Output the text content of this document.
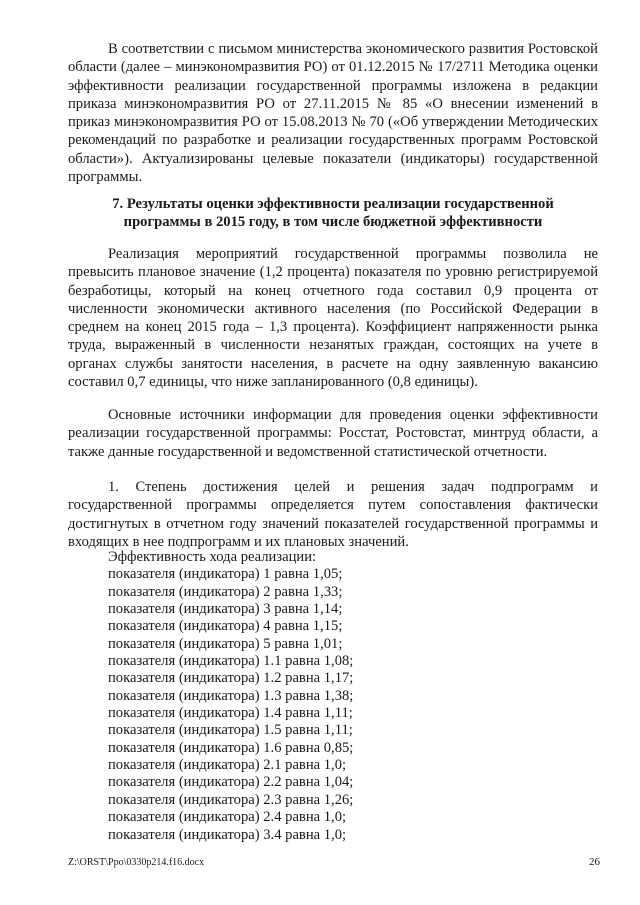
В соответствии с письмом министерства экономического развития Ростовской области (далее – минэкономразвития РО) от 01.12.2015 № 17/2711 Методика оценки эффективности реализации государственной программы изложена в редакции приказа минэкономразвития РО от 27.11.2015 № 85 «О внесении изменений в приказ минэкономразвития РО от 15.08.2013 № 70 («Об утверждении Методических рекомендаций по разработке и реализации государственных программ Ростовской области»). Актуализированы целевые показатели (индикаторы) государственной программы.

7. Результаты оценки эффективности реализации государственной
программы в 2015 году, в том числе бюджетной эффективности

Реализация мероприятий государственной программы позволила не превысить плановое значение (1,2 процента) показателя по уровню регистрируемой безработицы, который на конец отчетного года составил 0,9 процента от численности экономически активного населения (по Российской Федерации в среднем на конец 2015 года – 1,3 процента). Коэффициент напряженности рынка труда, выраженный в численности незанятых граждан, состоящих на учете в органах службы занятости населения, в расчете на одну заявленную вакансию составил 0,7 единицы, что ниже запланированного (0,8 единицы).

Основные источники информации для проведения оценки эффективности реализации государственной программы: Росстат, Ростовстат, минтруд области, а также данные государственной и ведомственной статистической отчетности.

1. Степень достижения целей и решения задач подпрограмм и государственной программы определяется путем сопоставления фактически достигнутых в отчетном году значений показателей государственной программы и входящих в нее подпрограмм и их плановых значений.

Эффективность хода реализации:
показателя (индикатора) 1 равна 1,05;
показателя (индикатора) 2 равна 1,33;
показателя (индикатора) 3 равна 1,14;
показателя (индикатора) 4 равна 1,15;
показателя (индикатора) 5 равна 1,01;
показателя (индикатора) 1.1 равна 1,08;
показателя (индикатора) 1.2 равна 1,17;
показателя (индикатора) 1.3 равна 1,38;
показателя (индикатора) 1.4 равна 1,11;
показателя (индикатора) 1.5 равна 1,11;
показателя (индикатора) 1.6 равна 0,85;
показателя (индикатора) 2.1 равна 1,0;
показателя (индикатора) 2.2 равна 1,04;
показателя (индикатора) 2.3 равна 1,26;
показателя (индикатора) 2.4 равна 1,0;
показателя (индикатора) 3.4 равна 1,0;
Z:\ORST\Ppo\0330p214.f16.docx	26
